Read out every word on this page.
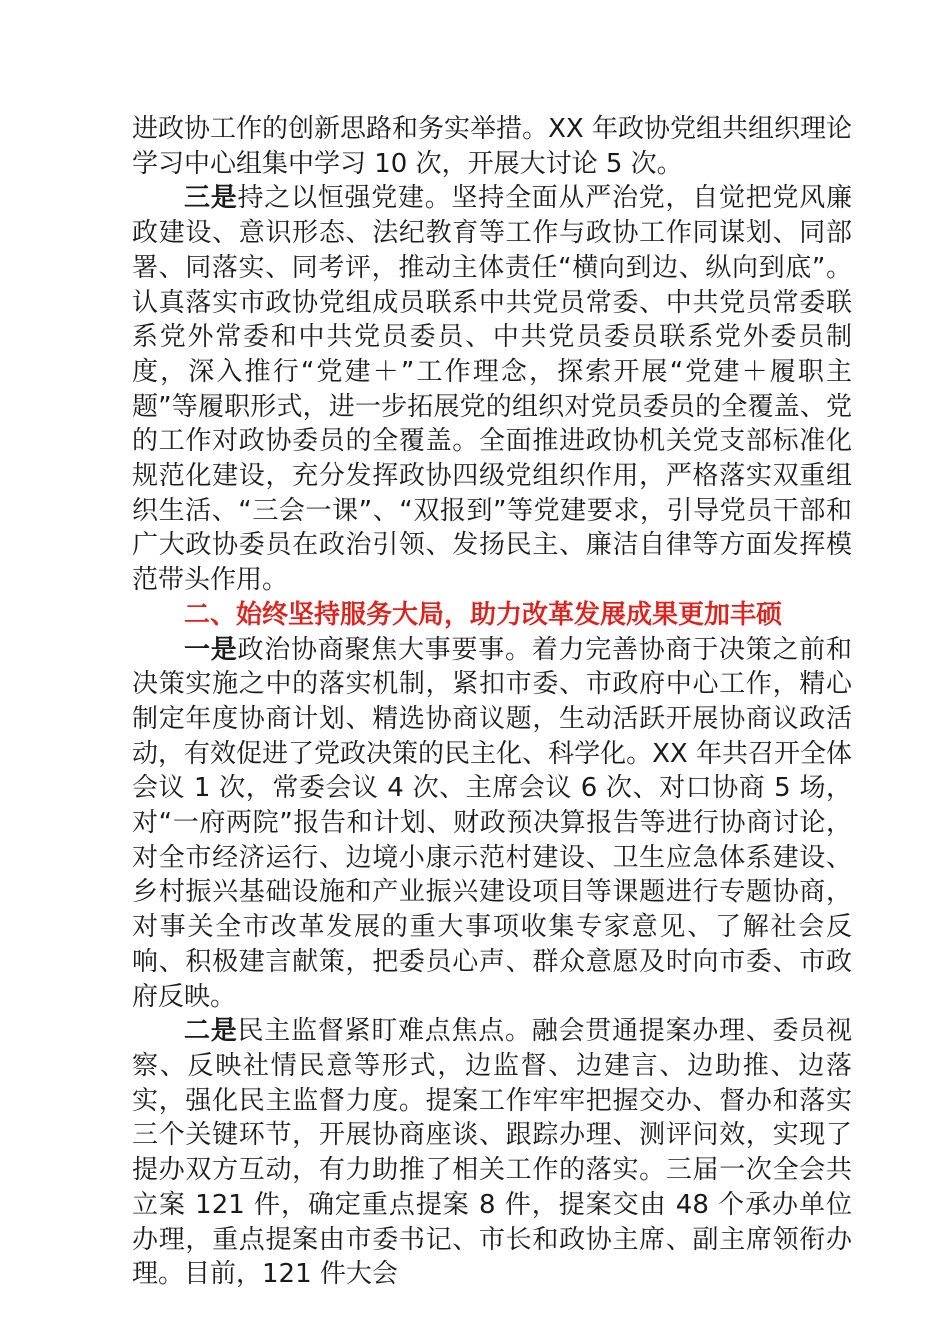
进政协工作的创新思路和务实举措。XX 年政协党组共组织理论学习中心组集中学习 10 次，开展大讨论 5 次。

三是持之以恒强党建。坚持全面从严治党，自觉把党风廉政建设、意识形态、法纪教育等工作与政协工作同谋划、同部署、同落实、同考评，推动主体责任“横向到边、纵向到底”。认真落实市政协党组成员联系中共党员常委、中共党员常委联系党外常委和中共党员委员、中共党员委员联系党外委员制度，深入推行“党建＋”工作理念，探索开展“党建＋履职主题”等履职形式，进一步拓展党的组织对党员委员的全覆盖、党的工作对政协委员的全覆盖。全面推进政协机关党支部标准化规范化建设，充分发挥政协四级党组织作用，严格落实双重组织生活、“三会一课”、“双报到”等党建要求，引导党员干部和广大政协委员在政治引领、发扬民主、廉洁自律等方面发挥模范带头作用。

二、始终坚持服务大局，助力改革发展成果更加丰硕

一是政治协商聚焦大事要事。着力完善协商于决策之前和决策实施之中的落实机制，紧扣市委、市政府中心工作，精心制定年度协商计划、精选协商议题，生动活跃开展协商议政活动，有效促进了党政决策的民主化、科学化。XX 年共召开全体会议 1 次，常委会议 4 次、主席会议 6 次、对口协商 5 场，对“一府两院”报告和计划、财政预决算报告等进行协商讨论，对全市经济运行、边境小康示范村建设、卫生应急体系建设、乡村振兴基础设施和产业振兴建设项目等课题进行专题协商，对事关全市改革发展的重大事项收集专家意见、了解社会反响、积极建言献策，把委员心声、群众意愿及时向市委、市政府反映。

二是民主监督紧盯难点焦点。融会贯通提案办理、委员视察、反映社情民意等形式，边监督、边建言、边助推、边落实，强化民主监督力度。提案工作牢牢把握交办、督办和落实三个关键环节，开展协商座谈、跟踪办理、测评问效，实现了提办双方互动，有力助推了相关工作的落实。三届一次全会共立案 121 件，确定重点提案 8 件，提案交由 48 个承办单位办理，重点提案由市委书记、市长和政协主席、副主席领衔办理。目前，121 件大会
